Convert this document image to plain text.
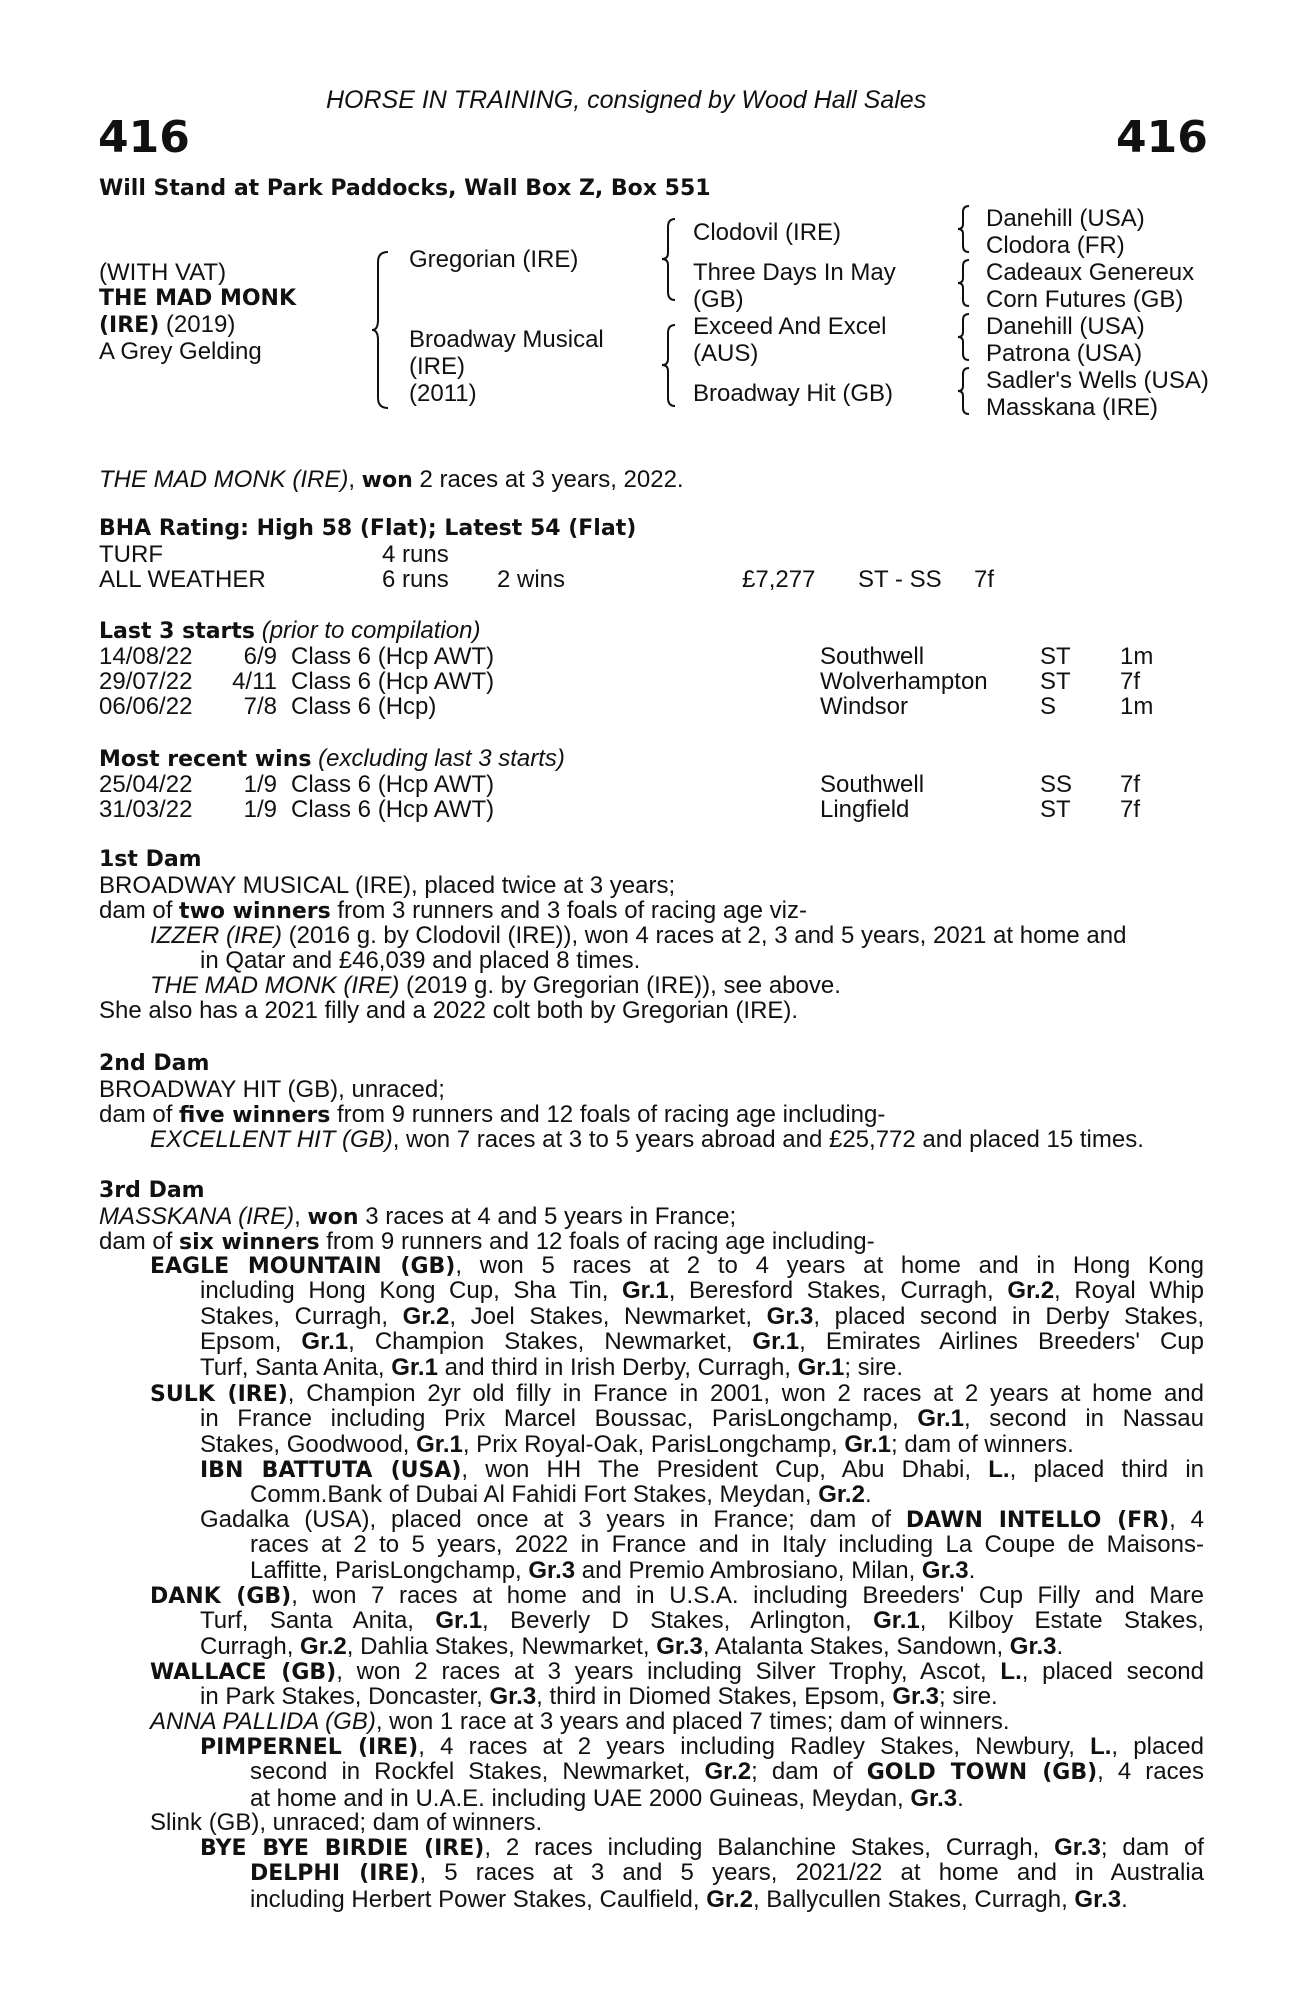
HORSE IN TRAINING, consigned by Wood Hall Sales
416	416
Will Stand at Park Paddocks, Wall Box Z, Box 551
(WITH VAT)
THE MAD MONK
(IRE) (2019)
A Grey Gelding
Gregorian (IRE)
Broadway Musical
(IRE)
(2011)
Clodovil (IRE)
Three Days In May
(GB)
Exceed And Excel
(AUS)
Broadway Hit (GB)
Danehill (USA)
Clodora (FR)
Cadeaux Genereux
Corn Futures (GB)
Danehill (USA)
Patrona (USA)
Sadler's Wells (USA)
Masskana (IRE)
THE MAD MONK (IRE), won 2 races at 3 years, 2022.
BHA Rating: High 58 (Flat); Latest 54 (Flat)
TURF	4 runs
ALL WEATHER	6 runs 2 wins	£7,277 ST - SS 7f
Last 3 starts (prior to compilation)
14/08/22 6/9 Class 6 (Hcp AWT)	Southwell	ST 1m
29/07/22 4/11 Class 6 (Hcp AWT)	Wolverhampton ST 7f
06/06/22 7/8 Class 6 (Hcp)	Windsor	S	1m
Most recent wins (excluding last 3 starts)
25/04/22 1/9 Class 6 (Hcp AWT)	Southwell	SS 7f
31/03/22 1/9 Class 6 (Hcp AWT)	Lingfield	ST 7f
1st Dam
BROADWAY MUSICAL (IRE), placed twice at 3 years;
dam of two winners from 3 runners and 3 foals of racing age viz-
IZZER (IRE) (2016 g. by Clodovil (IRE)), won 4 races at 2, 3 and 5 years, 2021 at home and
in Qatar and £46,039 and placed 8 times.
THE MAD MONK (IRE) (2019 g. by Gregorian (IRE)), see above.
She also has a 2021 filly and a 2022 colt both by Gregorian (IRE).
2nd Dam
BROADWAY HIT (GB), unraced;
dam of five winners from 9 runners and 12 foals of racing age including-
EXCELLENT HIT (GB), won 7 races at 3 to 5 years abroad and £25,772 and placed 15 times.
3rd Dam
MASSKANA (IRE), won 3 races at 4 and 5 years in France;
dam of six winners from 9 runners and 12 foals of racing age including-
EAGLE MOUNTAIN (GB), won 5 races at 2 to 4 years at home and in Hong Kong
including Hong Kong Cup, Sha Tin, Gr.1, Beresford Stakes, Curragh, Gr.2, Royal Whip
Stakes, Curragh, Gr.2, Joel Stakes, Newmarket, Gr.3, placed second in Derby Stakes,
Epsom, Gr.1, Champion Stakes, Newmarket, Gr.1, Emirates Airlines Breeders' Cup
Turf, Santa Anita, Gr.1 and third in Irish Derby, Curragh, Gr.1; sire.
SULK (IRE), Champion 2yr old filly in France in 2001, won 2 races at 2 years at home and
in France including Prix Marcel Boussac, ParisLongchamp, Gr.1, second in Nassau
Stakes, Goodwood, Gr.1, Prix Royal-Oak, ParisLongchamp, Gr.1; dam of winners.
IBN BATTUTA (USA), won HH The President Cup, Abu Dhabi, L., placed third in
Comm.Bank of Dubai Al Fahidi Fort Stakes, Meydan, Gr.2.
Gadalka (USA), placed once at 3 years in France; dam of DAWN INTELLO (FR), 4
races at 2 to 5 years, 2022 in France and in Italy including La Coupe de Maisons-
Laffitte, ParisLongchamp, Gr.3 and Premio Ambrosiano, Milan, Gr.3.
DANK (GB), won 7 races at home and in U.S.A. including Breeders' Cup Filly and Mare
Turf, Santa Anita, Gr.1, Beverly D Stakes, Arlington, Gr.1, Kilboy Estate Stakes,
Curragh, Gr.2, Dahlia Stakes, Newmarket, Gr.3, Atalanta Stakes, Sandown, Gr.3.
WALLACE (GB), won 2 races at 3 years including Silver Trophy, Ascot, L., placed second
in Park Stakes, Doncaster, Gr.3, third in Diomed Stakes, Epsom, Gr.3; sire.
ANNA PALLIDA (GB), won 1 race at 3 years and placed 7 times; dam of winners.
PIMPERNEL (IRE), 4 races at 2 years including Radley Stakes, Newbury, L., placed
second in Rockfel Stakes, Newmarket, Gr.2; dam of GOLD TOWN (GB), 4 races
at home and in U.A.E. including UAE 2000 Guineas, Meydan, Gr.3.
Slink (GB), unraced; dam of winners.
BYE BYE BIRDIE (IRE), 2 races including Balanchine Stakes, Curragh, Gr.3; dam of
DELPHI (IRE), 5 races at 3 and 5 years, 2021/22 at home and in Australia
including Herbert Power Stakes, Caulfield, Gr.2, Ballycullen Stakes, Curragh, Gr.3.
